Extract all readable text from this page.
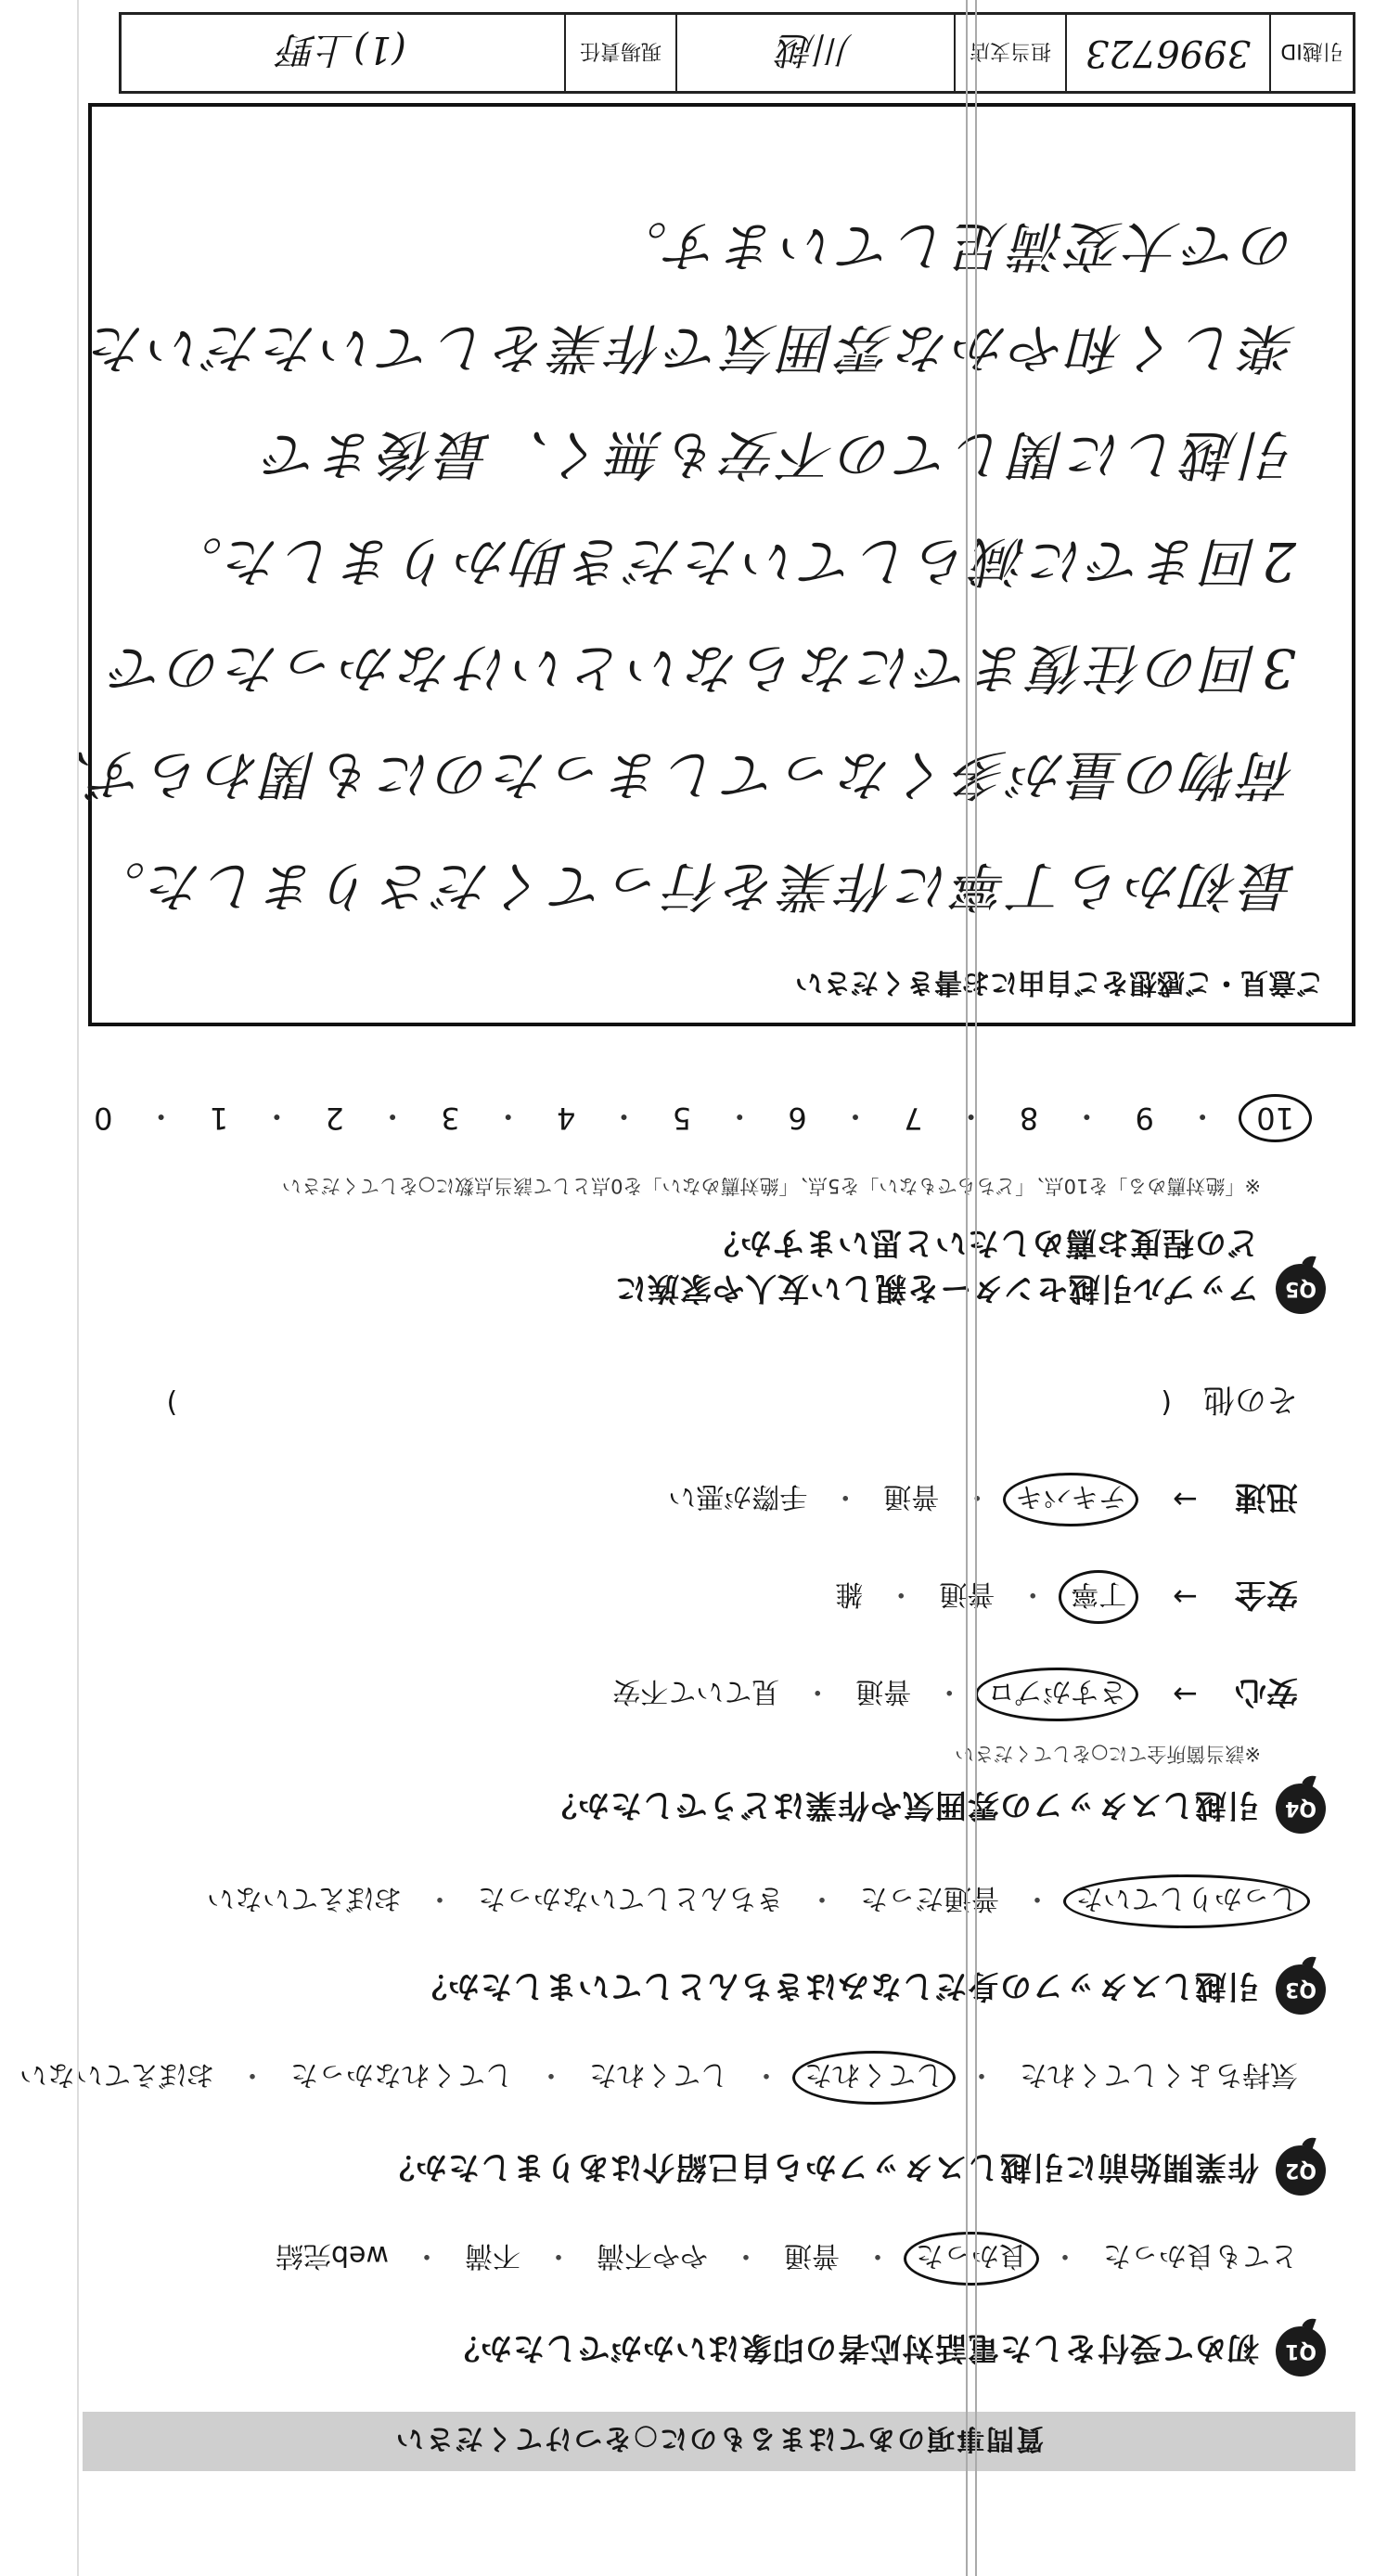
引越ID
3996723
担当支店
川越
現場責任
(1)上野
質問事項のあてはまるものに○をつけてください
Q1
初めて受付をした電話対応者の印象はいかがでしたか？
とても良かった
・
良かった
・
普通
・
やや不満
・
不満
・
web完結
Q2
作業開始前に引越しスタッフから自己紹介はありましたか？
気持ちよくしてくれた
・
してくれた
・
してくれた
・
してくれなかった
・
おぼえていない
Q3
引越しスタッフの身だしなみはきちんとしていましたか？
しっかりしていた
・
普通だった
・
きちんとしていなかった
・
おぼえていない
Q4
引越しスタッフの雰囲気や作業はどうでしたか？
※該当箇所全てに○をしてください
安心
→
さすがプロ
・
普通
・
見ていて不安
安全
→
丁寧
・
普通
・
雑
迅速
→
テキパキ
・
普通
・
手際が悪い
その他
(
)
Q5
アップル引越センターを親しい友人や家族に
どの程度お薦めしたいと思いますか？
※「絶対薦める」を10点、「どちらでもない」を5点、「絶対薦めない」を0点として該当点数に○をしてください
10
・
9
・
8
・
7
・
6
・
5
・
4
・
3
・
2
・
1
・
0
ご意見・ご感想をご自由にお書きください
最初から丁寧に作業を行ってくださりました。
荷物の量が多くなってしまったのにも関わらず、
3回の往復までにならないといけなかったので
2回までに減らしていただき助かりました。
引越しに関しての不安も無く、最後まで
楽しく和やかな雰囲気で作業をしていただいた
ので大変満足しています。
